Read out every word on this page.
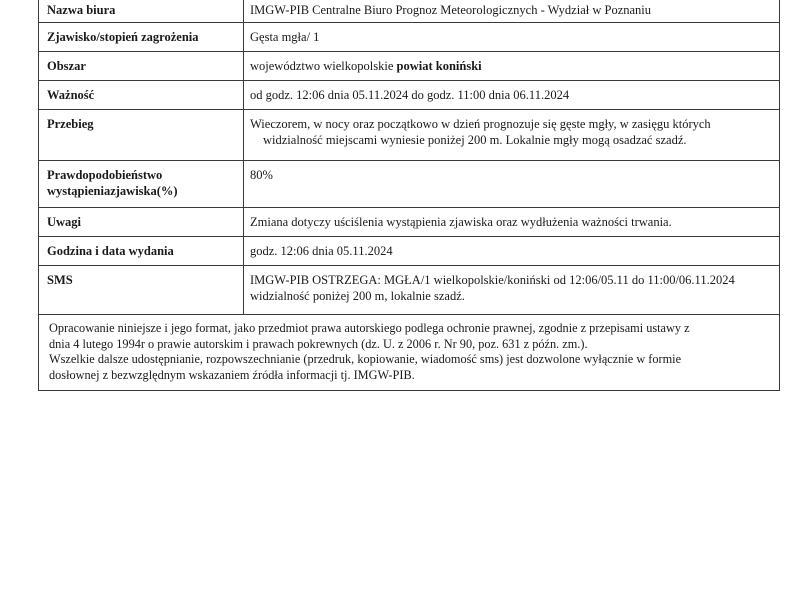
Nazwa biura	IMGW-PIB Centralne Biuro Prognoz Meteorologicznych - Wydział w Poznaniu
Zjawisko/stopień zagrożenia	Gęsta mgła/ 1
Obszar	województwo wielkopolskie powiat koniński
Ważność	od godz. 12:06 dnia 05.11.2024 do godz. 11:00 dnia 06.11.2024
Przebieg	Wieczorem, w nocy oraz początkowo w dzień prognozuje się gęste mgły, w zasięgu których
widzialność miejscami wyniesie poniżej 200 m. Lokalnie mgły mogą osadzać szadź.

Prawdopodobieństwo
wystąpieniazjawiska(%)	80%
Uwagi	Zmiana dotyczy uściślenia wystąpienia zjawiska oraz wydłużenia ważności trwania.
Godzina i data wydania	godz. 12:06 dnia 05.11.2024
SMS	IMGW-PIB OSTRZEGA: MGŁA/1 wielkopolskie/koniński od 12:06/05.11 do 11:00/06.11.2024
widzialność poniżej 200 m, lokalnie szadź.
Opracowanie niniejsze i jego format, jako przedmiot prawa autorskiego podlega ochronie prawnej, zgodnie z przepisami ustawy z
dnia 4 lutego 1994r o prawie autorskim i prawach pokrewnych (dz. U. z 2006 r. Nr 90, poz. 631 z późn. zm.).
Wszelkie dalsze udostępnianie, rozpowszechnianie (przedruk, kopiowanie, wiadomość sms) jest dozwolone wyłącznie w formie
dosłownej z bezwzględnym wskazaniem źródła informacji tj. IMGW-PIB.
